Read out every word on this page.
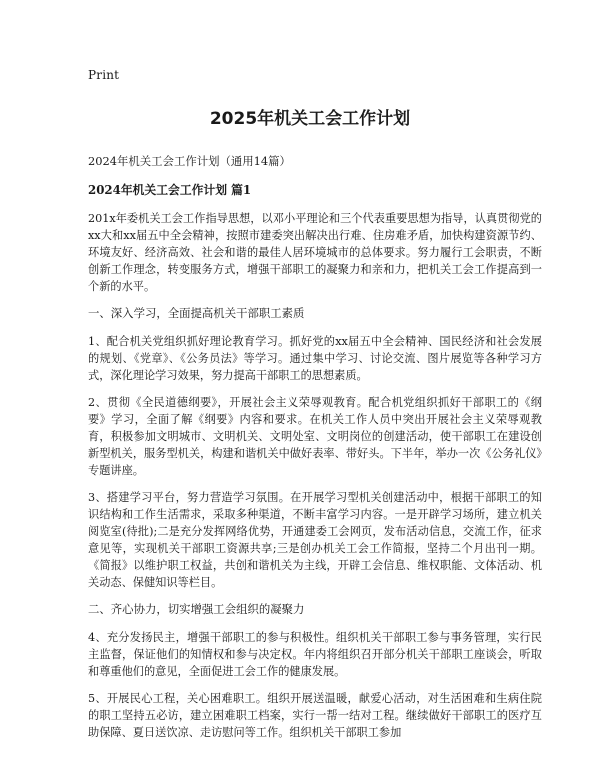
Print
2025年机关工会工作计划
2024年机关工会工作计划（通用14篇）
2024年机关工会工作计划 篇1

201x年委机关工会工作指导思想，以邓小平理论和三个代表重要思想为指导，认真贯彻党的xx大和xx届五中全会精神，按照市建委突出解决出行难、住房难矛盾，加快构建资源节约、环境友好、经济高效、社会和谐的最佳人居环境城市的总体要求。努力履行工会职责，不断创新工作理念，转变服务方式，增强干部职工的凝聚力和亲和力，把机关工会工作提高到一个新的水平。

一、深入学习，全面提高机关干部职工素质

1、配合机关党组织抓好理论教育学习。抓好党的xx届五中全会精神、国民经济和社会发展的规划、《党章》、《公务员法》等学习。通过集中学习、讨论交流、图片展览等各种学习方式，深化理论学习效果，努力提高干部职工的思想素质。

2、贯彻《全民道德纲要》，开展社会主义荣辱观教育。配合机党组织抓好干部职工的《纲要》学习，全面了解《纲要》内容和要求。在机关工作人员中突出开展社会主义荣辱观教育，积极参加文明城市、文明机关、文明处室、文明岗位的创建活动，使干部职工在建设创新型机关，服务型机关，构建和谐机关中做好表率、带好头。下半年，举办一次《公务礼仪》专题讲座。

3、搭建学习平台，努力营造学习氛围。在开展学习型机关创建活动中，根据干部职工的知识结构和工作生活需求，采取多种渠道，不断丰富学习内容。一是开辟学习场所，建立机关阅览室(待批);二是充分发挥网络优势，开通建委工会网页，发布活动信息，交流工作，征求意见等，实现机关干部职工资源共享;三是创办机关工会工作简报，坚持二个月出刊一期。《简报》以维护职工权益，共创和谐机关为主线，开辟工会信息、维权职能、文体活动、机关动态、保健知识等栏目。

二、齐心协力，切实增强工会组织的凝聚力

4、充分发扬民主，增强干部职工的参与积极性。组织机关干部职工参与事务管理，实行民主监督，保证他们的知情权和参与决定权。年内将组织召开部分机关干部职工座谈会，听取和尊重他们的意见，全面促进工会工作的健康发展。

5、开展民心工程，关心困难职工。组织开展送温暖，献爱心活动，对生活困难和生病住院的职工坚持五必访，建立困难职工档案，实行一帮一结对工程。继续做好干部职工的医疗互助保障、夏日送饮凉、走访慰问等工作。组织机关干部职工参加
